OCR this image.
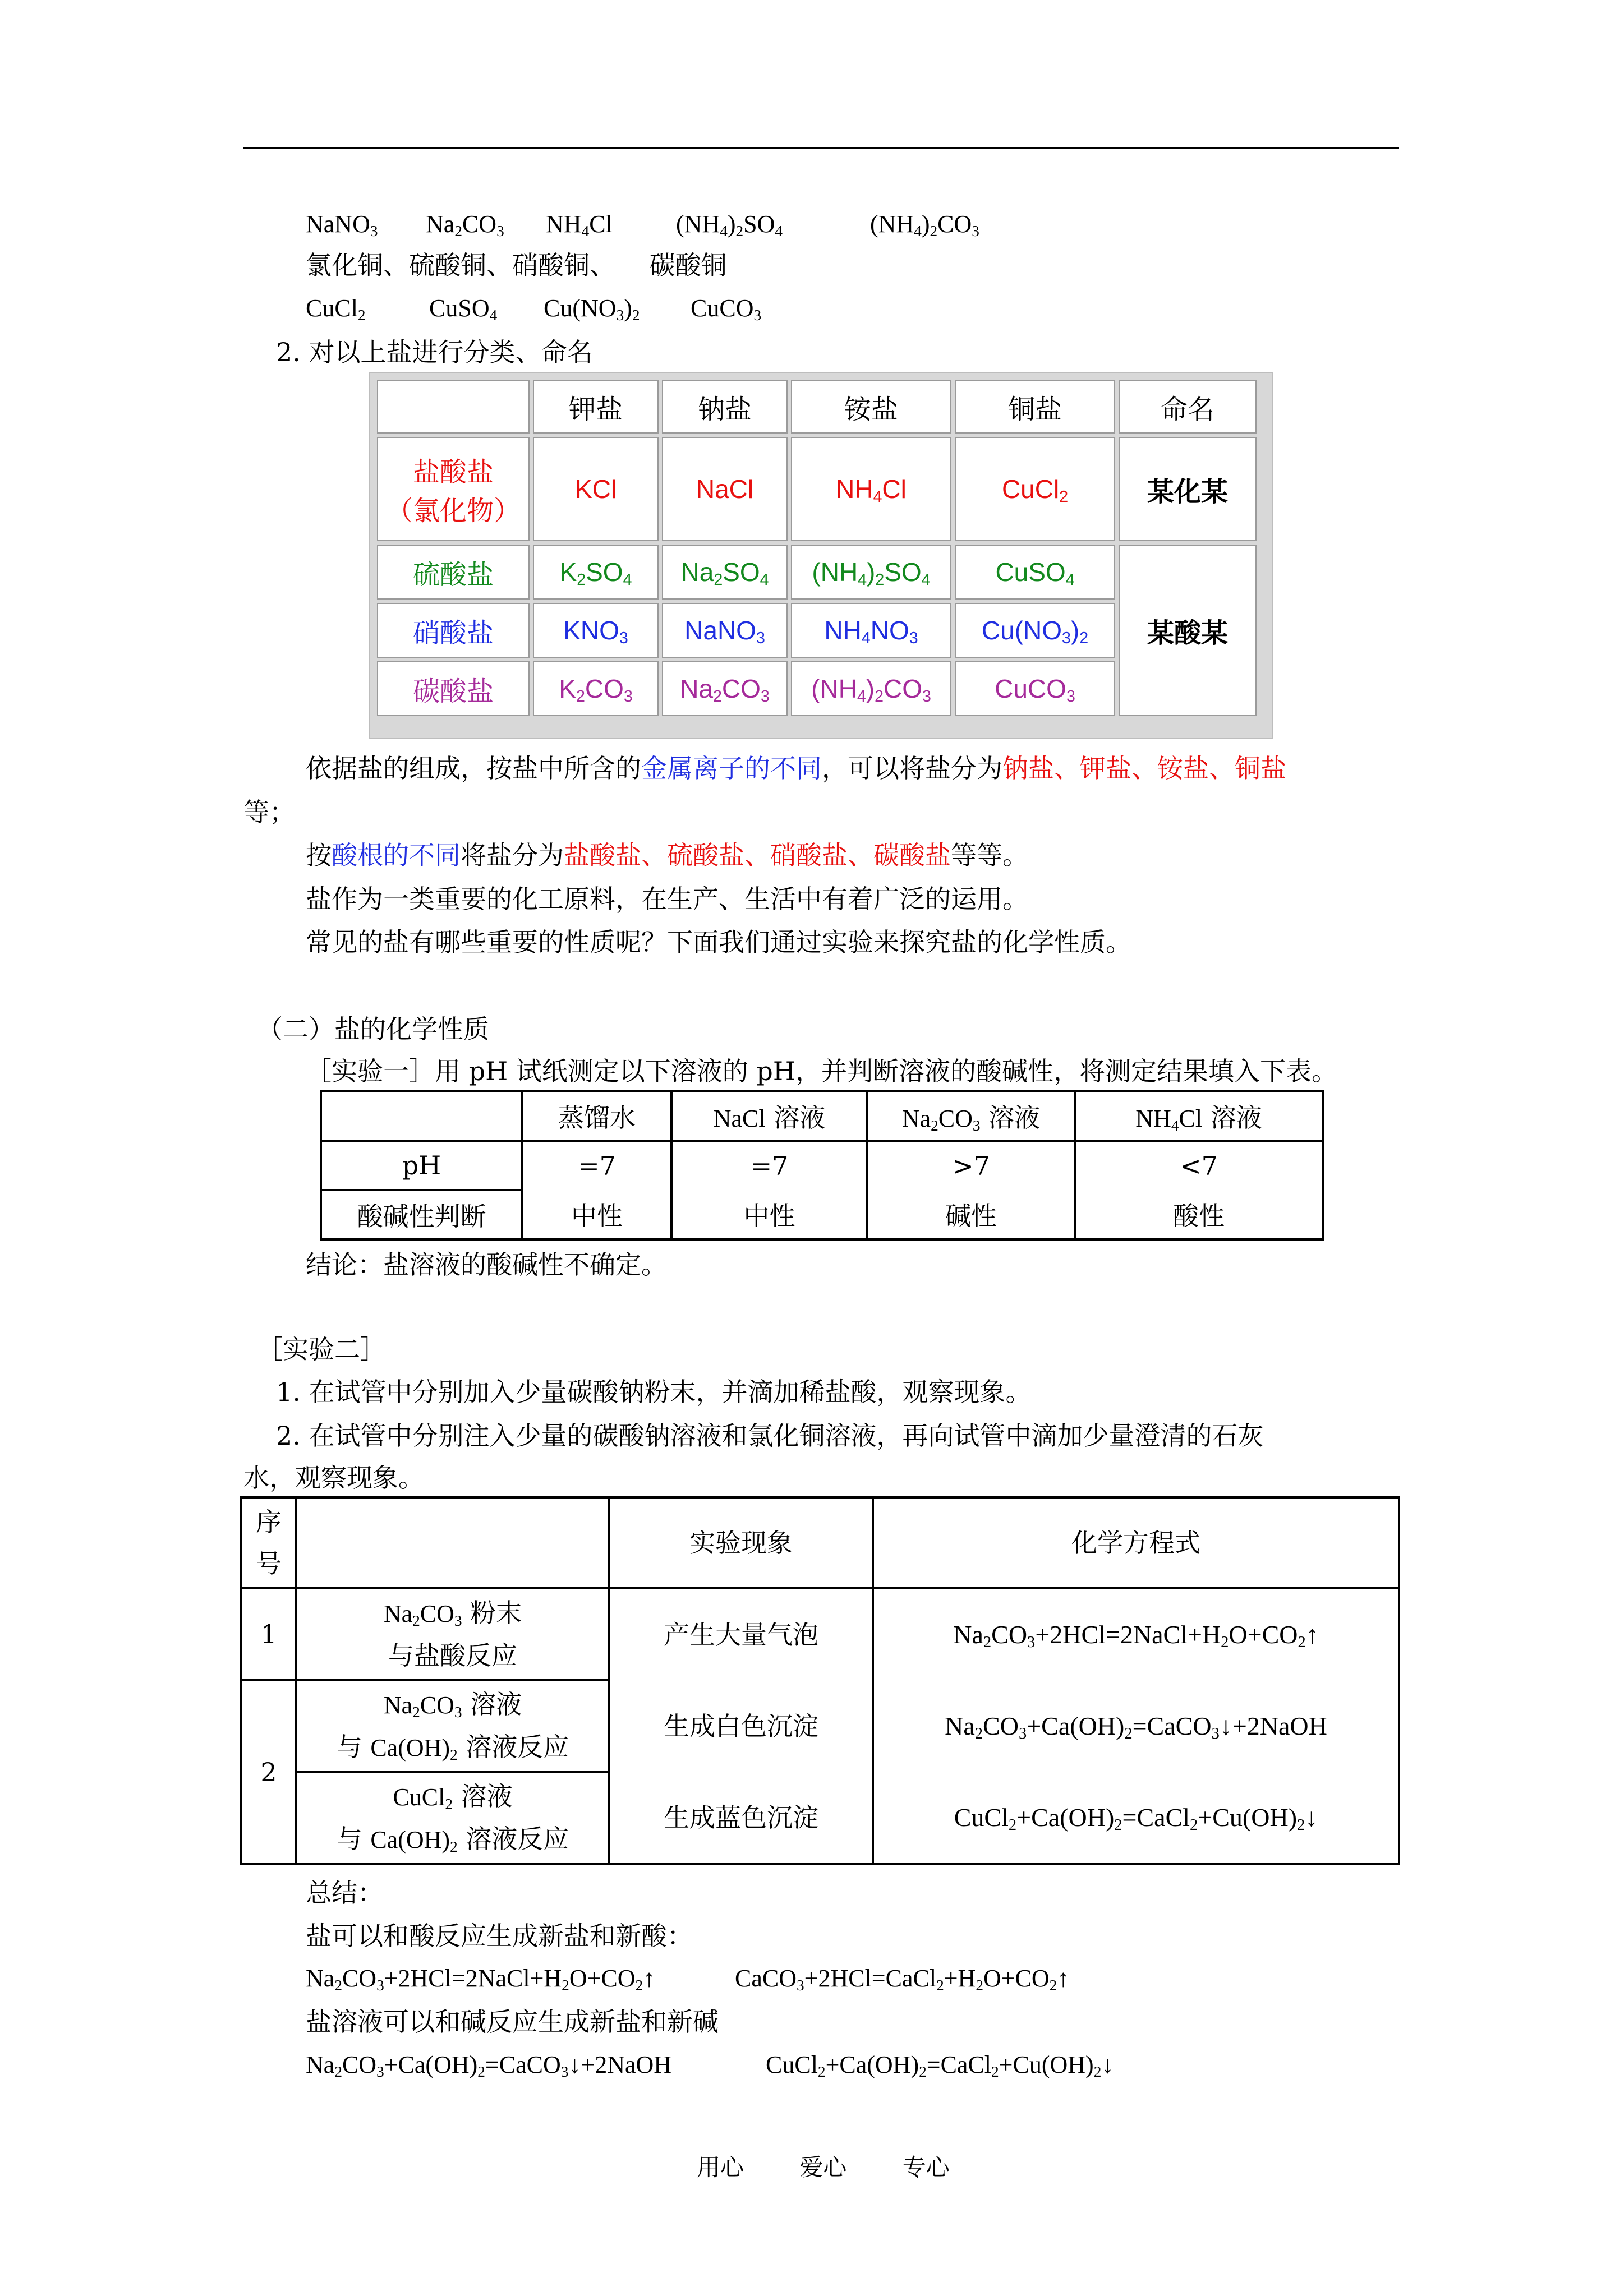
NaNO$_3$ $Na_2CO_3$ $NH_4Cl$	$(NH_4)_2SO_4$	$(NH_4)_2CO_3$
氯化铜、硫酸铜、硝酸铜、 碳酸铜
CuCl$_2$	CuSO$_4$ $Cu(NO_3)_2$ CuCO$_3$
2. 对以上盐进行分类、命名
	钾盐	钠盐	铵盐	铜盐	命名

盐酸盐
（氯化物）	KCl	NaCl	$NH_4Cl$	CuCl$_2$	某化某
硫酸盐	$K_2SO_4$	$Na_2SO_4$	$(NH_4)_2SO_4$	CuSO$_4$	某酸某
硝酸盐	$KNO_3$	NaNO$_3$	$NH_4NO_3$	$Cu(NO_3)_2$
碳酸盐	$K_2CO_3$	$Na_2CO_3$	$(NH_4)_2CO_3$	CuCO$_3$
依据盐的组成，按盐中所含的金属离子的不同，可以将盐分为钠盐、钾盐、铵盐、铜盐
等；
按酸根的不同将盐分为盐酸盐、硫酸盐、硝酸盐、碳酸盐等等。
盐作为一类重要的化工原料，在生产、生活中有着广泛的运用。
常见的盐有哪些重要的性质呢？下面我们通过实验来探究盐的化学性质。
（二）盐的化学性质
［实验一］用 pH 试纸测定以下溶液的 pH，并判断溶液的酸碱性，将测定结果填入下表。
	蒸馏水	NaCl 溶液	$Na_2CO_3$ 溶液	$NH_4Cl$ 溶液
pH	=7	=7	>7	<7
酸碱性判断	中性	中性	碱性	酸性
结论：盐溶液的酸碱性不确定。
［实验二］
1. 在试管中分别加入少量碳酸钠粉末，并滴加稀盐酸，观察现象。
2. 在试管中分别注入少量的碳酸钠溶液和氯化铜溶液，再向试管中滴加少量澄清的石灰
水，观察现象。
序
号		实验现象	化学方程式
1	$Na_2CO_3$ 粉末
与盐酸反应	产生大量气泡	$Na_2CO_3+2HCl=2NaCl+H_2O+CO_2↑$
2	$Na_2CO_3$ 溶液
与 $Ca(OH)_2$ 溶液反应	生成白色沉淀	$Na_2CO_3+Ca(OH)_2=CaCO_3↓+2NaOH$

	CuCl$_2$ 溶液
与 $Ca(OH)_2$ 溶液反应	生成蓝色沉淀	$CuCl_2+Ca(OH)_2=CaCl_2+Cu(OH)_2↓$
总结：
盐可以和酸反应生成新盐和新酸：
$Na_2CO_3+2HCl=2NaCl+H_2O+CO_2↑$	$CaCO_3+2HCl=CaCl_2+H_2O+CO_2↑$
盐溶液可以和碱反应生成新盐和新碱
$Na_2CO_3+Ca(OH)_2=CaCO_3↓+2NaOH$	$CuCl_2+Ca(OH)_2=CaCl_2+Cu(OH)_2↓$
用心 爱心 专心
